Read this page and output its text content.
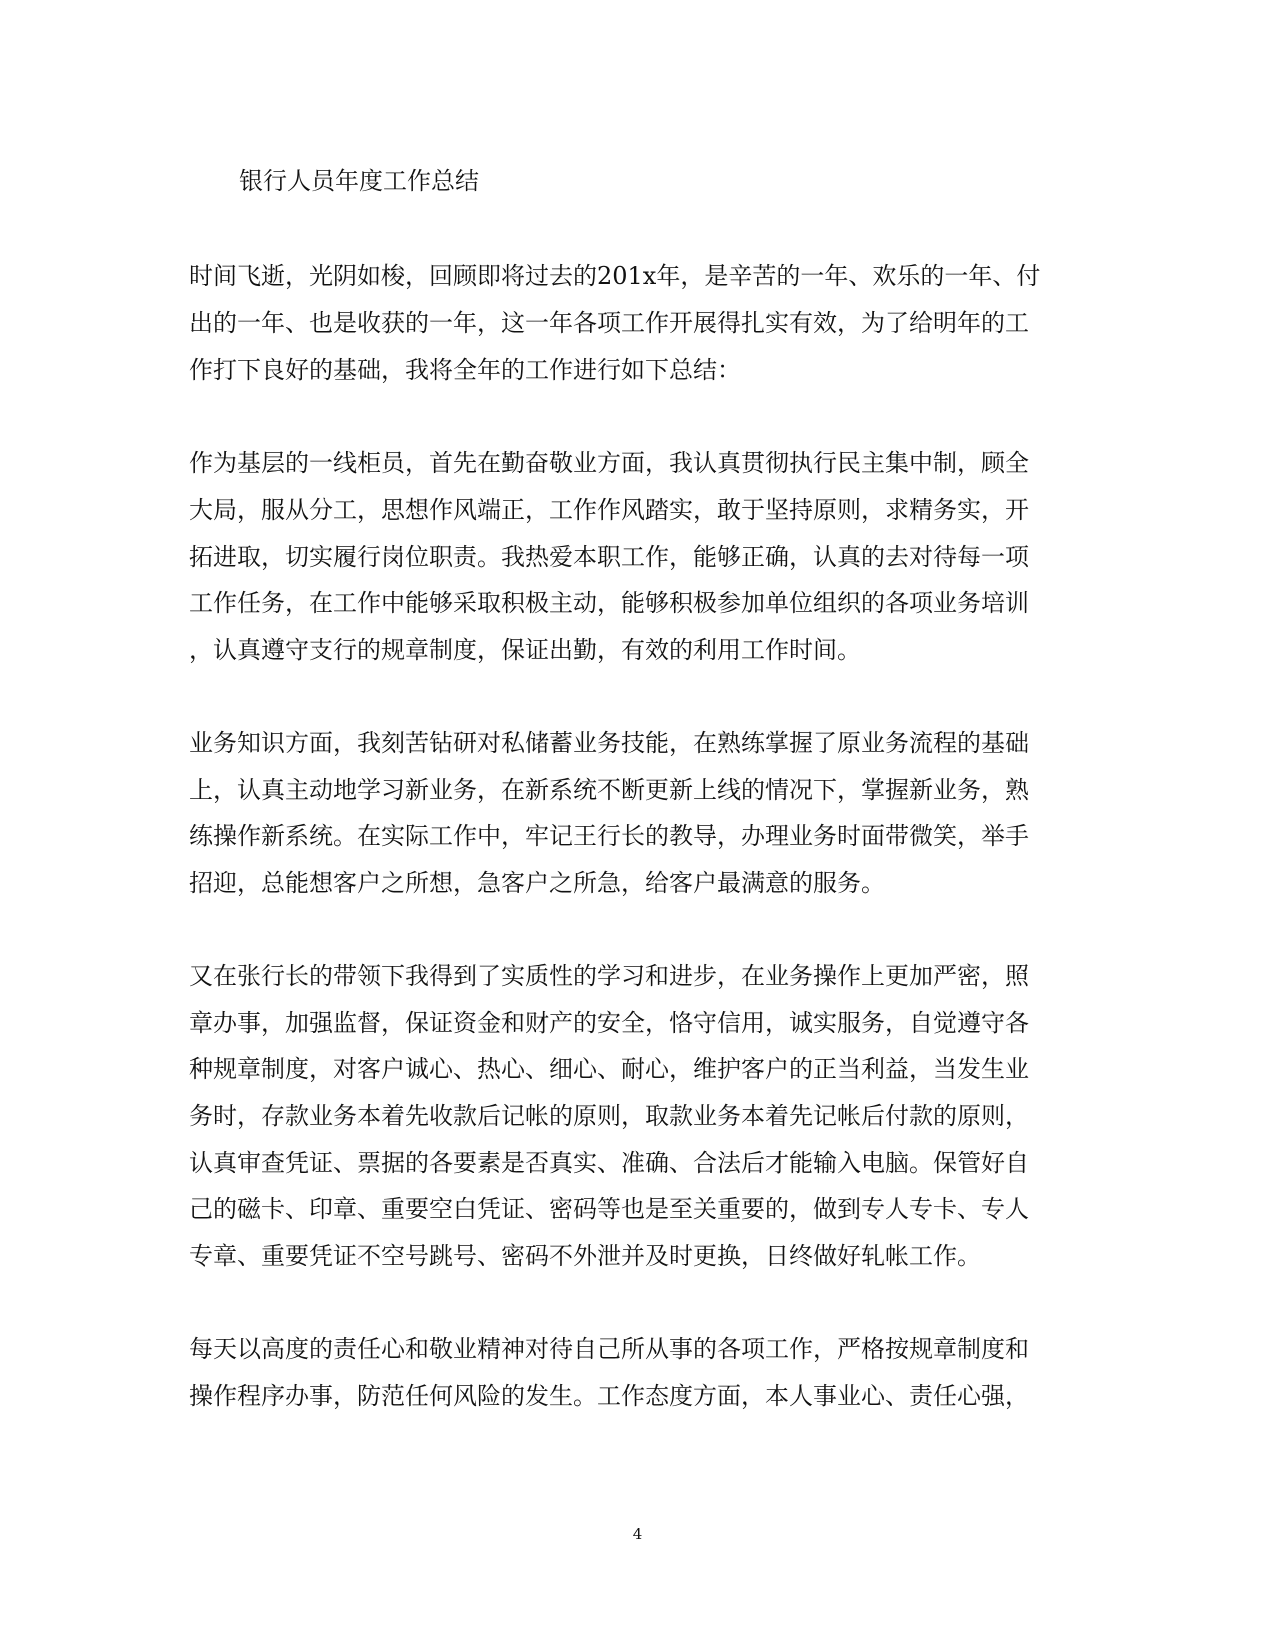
银行人员年度工作总结
时间飞逝，光阴如梭，回顾即将过去的201x年，是辛苦的一年、欢乐的一年、付
出的一年、也是收获的一年，这一年各项工作开展得扎实有效，为了给明年的工
作打下良好的基础，我将全年的工作进行如下总结：
作为基层的一线柜员，首先在勤奋敬业方面，我认真贯彻执行民主集中制，顾全
大局，服从分工，思想作风端正，工作作风踏实，敢于坚持原则，求精务实，开
拓进取，切实履行岗位职责。我热爱本职工作，能够正确，认真的去对待每一项
工作任务，在工作中能够采取积极主动，能够积极参加单位组织的各项业务培训
，认真遵守支行的规章制度，保证出勤，有效的利用工作时间。
业务知识方面，我刻苦钻研对私储蓄业务技能，在熟练掌握了原业务流程的基础
上，认真主动地学习新业务，在新系统不断更新上线的情况下，掌握新业务，熟
练操作新系统。在实际工作中，牢记王行长的教导，办理业务时面带微笑，举手
招迎，总能想客户之所想，急客户之所急，给客户最满意的服务。
又在张行长的带领下我得到了实质性的学习和进步，在业务操作上更加严密，照
章办事，加强监督，保证资金和财产的安全，恪守信用，诚实服务，自觉遵守各
种规章制度，对客户诚心、热心、细心、耐心，维护客户的正当利益，当发生业
务时，存款业务本着先收款后记帐的原则，取款业务本着先记帐后付款的原则，
认真审查凭证、票据的各要素是否真实、准确、合法后才能输入电脑。保管好自
己的磁卡、印章、重要空白凭证、密码等也是至关重要的，做到专人专卡、专人
专章、重要凭证不空号跳号、密码不外泄并及时更换，日终做好轧帐工作。
每天以高度的责任心和敬业精神对待自己所从事的各项工作，严格按规章制度和
操作程序办事，防范任何风险的发生。工作态度方面，本人事业心、责任心强，
4
